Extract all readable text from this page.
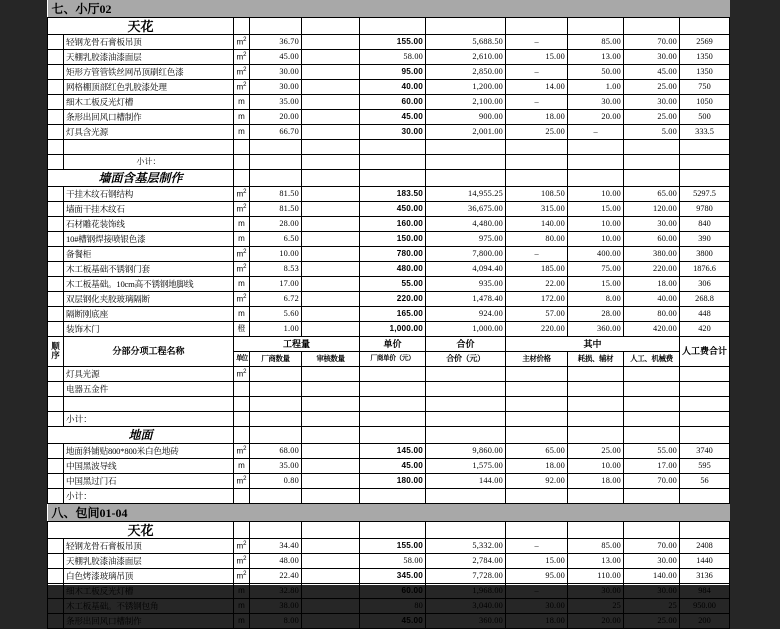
七、小厅02										
天花										
	轻钢龙骨石膏板吊顶	$m^2$	36.70		155.00	5,688.50	–	85.00	70.00	2569
	天棚乳胶漆油漆面层	$m^2$	45.00		58.00	2,610.00	15.00	13.00	30.00	1350
	矩形方管管铁丝网吊顶刷红色漆	$m^2$	30.00		95.00	2,850.00	–	50.00	45.00	1350
	网格棚顶部红色乳胶漆处理	$m^2$	30.00		40.00	1,200.00	14.00	1.00	25.00	750
	细木工板反光灯槽	m	35.00		60.00	2,100.00	–	30.00	30.00	1050
	条形出回风口槽制作	m	20.00		45.00	900.00	18.00	20.00	25.00	500
	灯具含光源	m	66.70		30.00	2,001.00	25.00	–	5.00	333.5

	小计：									
墙面含基层制作										
	干挂木纹石钢结构	$m^2$	81.50		183.50	14,955.25	108.50	10.00	65.00	5297.5
	墙面干挂木纹石	$m^2$	81.50		450.00	36,675.00	315.00	15.00	120.00	9780
	石材雕花装饰线	m	28.00		160.00	4,480.00	140.00	10.00	30.00	840
	10#槽钢焊接喷银色漆	m	6.50		150.00	975.00	80.00	10.00	60.00	390
	备餐柜	$m^2$	10.00		780.00	7,800.00	–	400.00	380.00	3800
	木工板基础不锈钢门套	$m^2$	8.53		480.00	4,094.40	185.00	75.00	220.00	1876.6
	木工板基础。10cm高不锈钢地脚线	m	17.00		55.00	935.00	22.00	15.00	18.00	306
	双层钢化夹胶玻璃隔断	$m^2$	6.72		220.00	1,478.40	172.00	8.00	40.00	268.8
	隔断刚底座	m	5.60		165.00	924.00	57.00	28.00	80.00	448
	装饰木门	橙	1.00		1,000.00	1,000.00	220.00	360.00	420.00	420

顺
序	分部分项工程名称	工程量			单价	合价	其中			人工费合计
		单位	厂商数量	审核数量	厂商单价（元）	合价（元）	主材价格	耗损、辅材	人工、机械费	
	灯具光源	$m^2$								
	电器五金件									

	小计：									
地面										
	地面斜铺贴800*800米白色地砖	$m^2$	68.00		145.00	9,860.00	65.00	25.00	55.00	3740
	中国黑波导线	m	35.00		45.00	1,575.00	18.00	10.00	17.00	595
	中国黑过门石	$m^2$	0.80		180.00	144.00	92.00	18.00	70.00	56
	小计：									
八、包间01-04										
天花										
	轻钢龙骨石膏板吊顶	$m^2$	34.40		155.00	5,332.00	–	85.00	70.00	2408
	天棚乳胶漆油漆面层	$m^2$	48.00		58.00	2,784.00	15.00	13.00	30.00	1440
	白色烤漆玻璃吊顶	$m^2$	22.40		345.00	7,728.00	95.00	110.00	140.00	3136
	细木工板反光灯槽	m	32.80		60.00	1,968.00	–	30.00	30.00	984
	木工板基础。不锈钢包角	m	38.00		80	3,040.00	30.00	25	25	950.00
	条形出回风口槽制作	m	8.00		45.00	360.00	18.00	20.00	25.00	200
